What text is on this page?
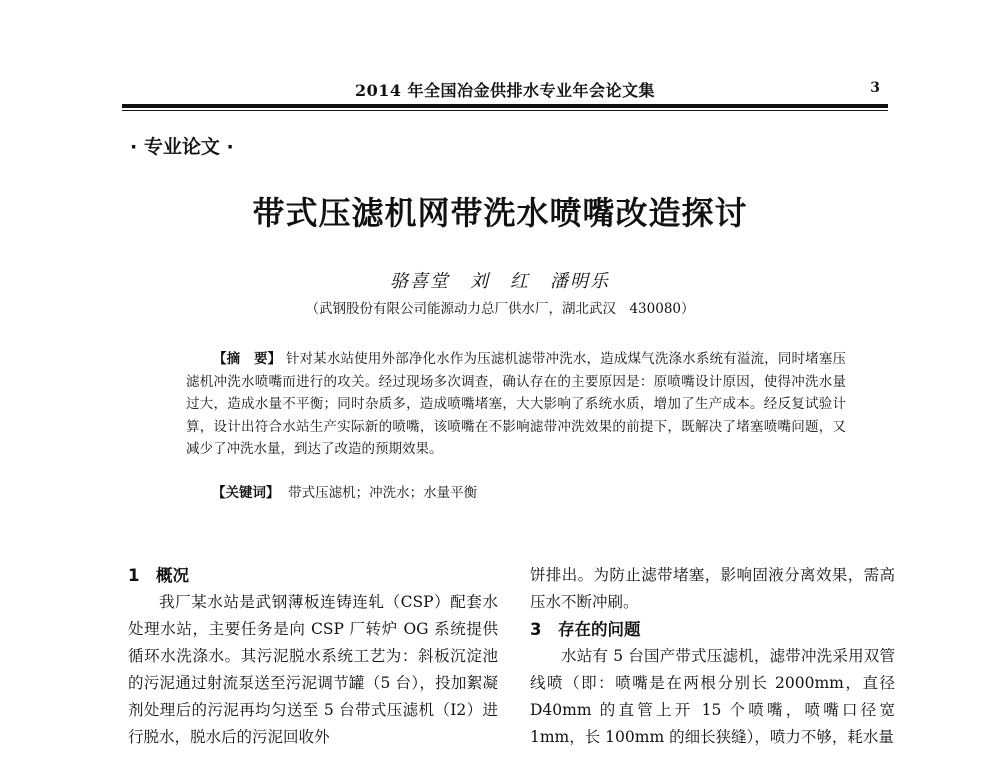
2014 年全国冶金供排水专业年会论文集	3
· 专业论文 ·
带式压滤机网带洗水喷嘴改造探讨
骆喜堂　刘　红　潘明乐
（武钢股份有限公司能源动力总厂供水厂，湖北武汉　430080）

【摘　要】 针对某水站使用外部净化水作为压滤机滤带冲洗水，造成煤气洗涤水系统有溢流，同时堵塞压滤机冲洗水喷嘴而进行的攻关。经过现场多次调查，确认存在的主要原因是：原喷嘴设计原因，使得冲洗水量过大，造成水量不平衡；同时杂质多，造成喷嘴堵塞，大大影响了系统水质，增加了生产成本。经反复试验计算，设计出符合水站生产实际新的喷嘴，该喷嘴在不影响滤带冲洗效果的前提下，既解决了堵塞喷嘴问题，又减少了冲洗水量，到达了改造的预期效果。

【关键词】 带式压滤机；冲洗水；水量平衡
1 概况

我厂某水站是武钢薄板连铸连轧（CSP）配套水处理水站，主要任务是向 CSP 厂转炉 OG 系统提供循环水洗涤水。其污泥脱水系统工艺为：斜板沉淀池的污泥通过射流泵送至污泥调节罐（5 台），投加絮凝剂处理后的污泥再均匀送至 5 台带式压滤机（I2）进行脱水，脱水后的污泥回收外

饼排出。为防止滤带堵塞，影响固液分离效果，需高压水不断冲刷。

3 存在的问题

水站有 5 台国产带式压滤机，滤带冲洗采用双管线喷（即：喷嘴是在两根分别长 2000mm，直径 D40mm 的直管上开 15 个喷嘴，喷嘴口径宽 1mm，长 100mm 的细长狭缝），喷力不够，耗水量
